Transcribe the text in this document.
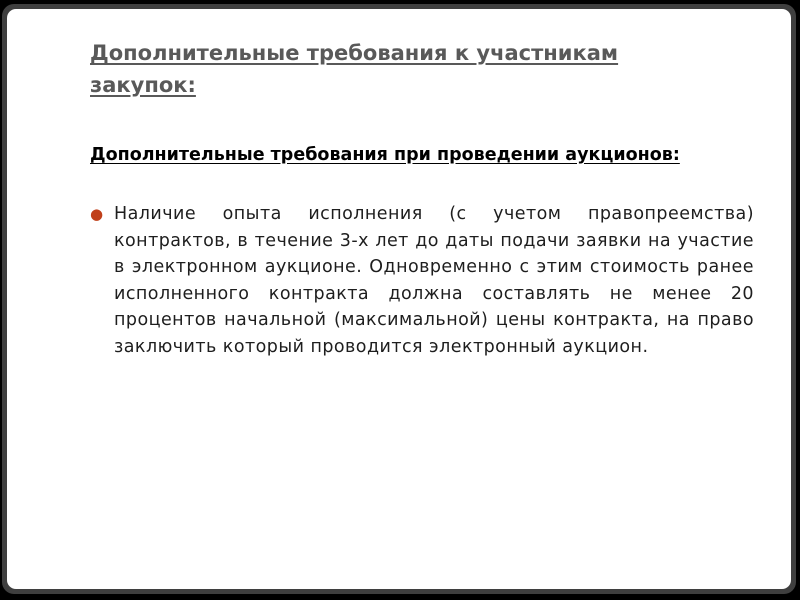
Дополнительные требования к участникам закупок:

Дополнительные требования при проведении аукционов:

● Наличие опыта исполнения (с учетом правопреемства) контрактов, в течение 3-х лет до даты подачи заявки на участие в электронном аукционе. Одновременно с этим стоимость ранее исполненного контракта должна составлять не менее 20 процентов начальной (максимальной) цены контракта, на право заключить который проводится электронный аукцион.
